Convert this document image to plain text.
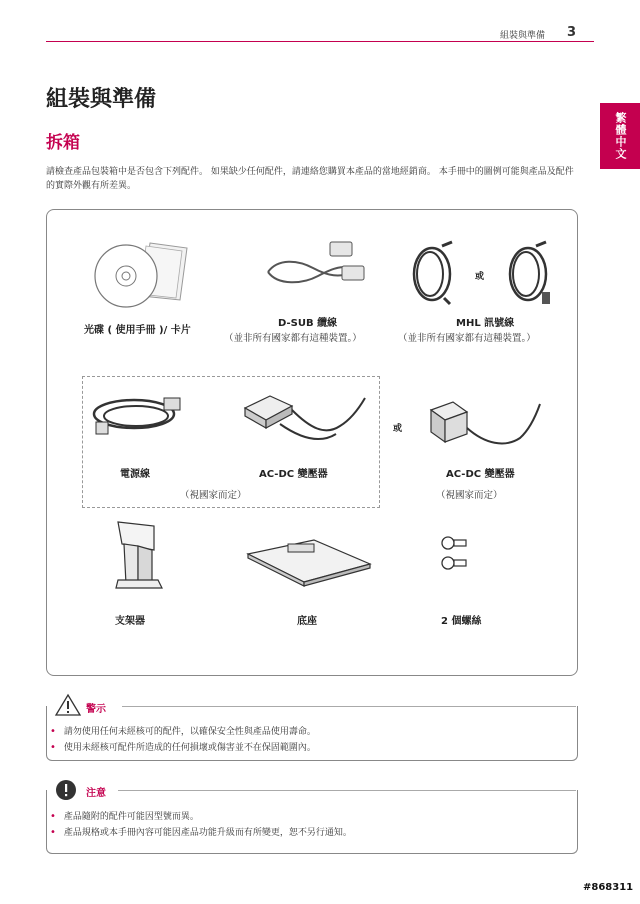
組裝與準備 3
繁體中文
組裝與準備
拆箱
請檢查產品包裝箱中是否包含下列配件。 如果缺少任何配件，請連絡您購買本產品的當地經銷商。 本手冊中的圖例可能與產品及配件的實際外觀有所差異。
光碟 ( 使用手冊 )/ 卡片
D-SUB 纜線
（並非所有國家都有這種裝置。）
或
MHL 訊號線
（並非所有國家都有這種裝置。）
電源線	AC-DC 變壓器
（視國家而定）
或
AC-DC 變壓器
（視國家而定）
支架器	底座	2 個螺絲
警示
• 請勿使用任何未經核可的配件，以確保安全性與產品使用壽命。
• 使用未經核可配件所造成的任何損壞或傷害並不在保固範圍內。
注意
• 產品隨附的配件可能因型號而異。
• 產品規格或本手冊內容可能因產品功能升級而有所變更，恕不另行通知。
#868311
